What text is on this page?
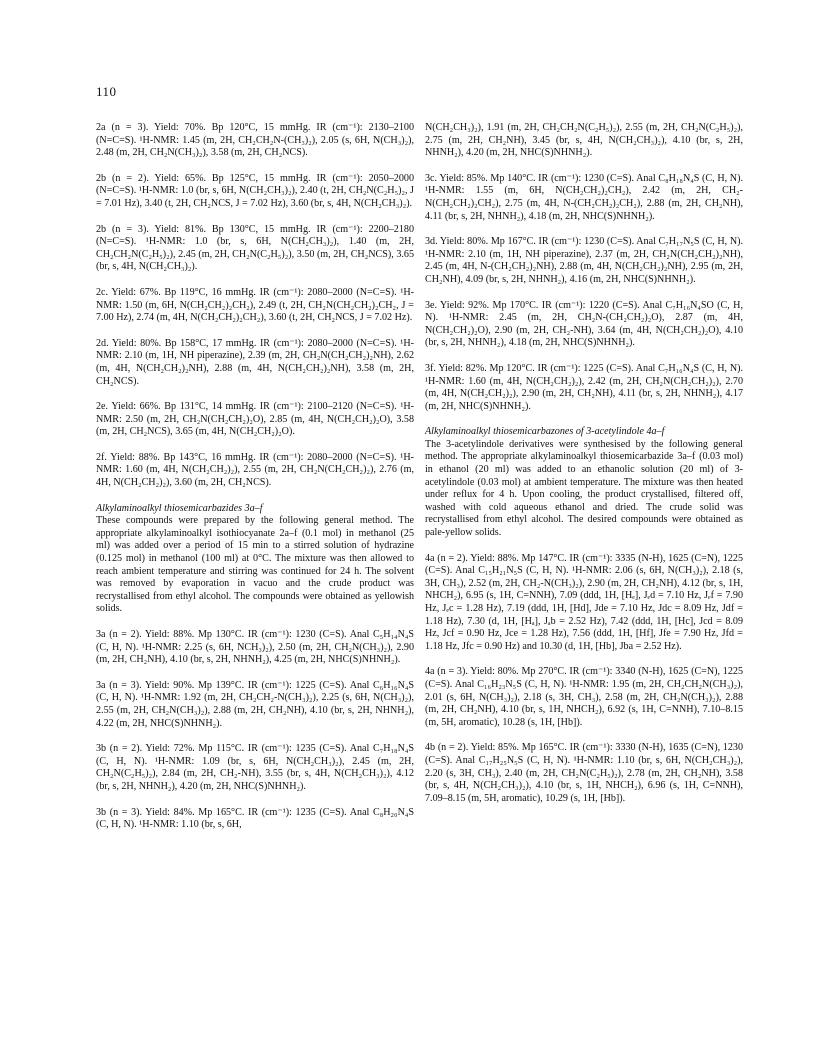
110

2a (n = 3). Yield: 70%. Bp 120°C, 15 mmHg. IR (cm⁻¹): 2130–2100 (N=C=S). ¹H-NMR: 1.45 (m, 2H, CH₂CH₂N-(CH₃)₂), 2.05 (s, 6H, N(CH₃)₂), 2.48 (m, 2H, CH₂N(CH₃)₂), 3.58 (m, 2H, CH₂NCS).

2b (n = 2). Yield: 65%. Bp 125°C, 15 mmHg. IR (cm⁻¹): 2050–2000 (N=C=S). ¹H-NMR: 1.0 (br, s, 6H, N(CH₂CH₃)₂), 2.40 (t, 2H, CH₂N(C₂H₅)₂, J = 7.01 Hz), 3.40 (t, 2H, CH₂NCS, J = 7.02 Hz), 3.60 (br, s, 4H, N(CH₂CH₃)₂).

2b (n = 3). Yield: 81%. Bp 130°C, 15 mmHg. IR (cm⁻¹): 2200–2180 (N=C=S). ¹H-NMR: 1.0 (br, s, 6H, N(CH₂CH₃)₂), 1.40 (m, 2H, CH₂CH₂N(C₂H₅)₂), 2.45 (m, 2H, CH₂N(C₂H₅)₂), 3.50 (m, 2H, CH₂NCS), 3.65 (br, s, 4H, N(CH₂CH₃)₂).

2c. Yield: 67%. Bp 119°C, 16 mmHg. IR (cm⁻¹): 2080–2000 (N=C=S). ¹H-NMR: 1.50 (m, 6H, N(CH₂CH₂)₂CH₂), 2.49 (t, 2H, CH₂N(CH₂CH₂)₂CH₂, J = 7.00 Hz), 2.74 (m, 4H, N(CH₂CH₂)₂CH₂), 3.60 (t, 2H, CH₂NCS, J = 7.02 Hz).

2d. Yield: 80%. Bp 158°C, 17 mmHg. IR (cm⁻¹): 2080–2000 (N=C=S). ¹H-NMR: 2.10 (m, 1H, NH piperazine), 2.39 (m, 2H, CH₂N(CH₂CH₂)₂NH), 2.62 (m, 4H, N(CH₂CH₂)₂NH), 2.88 (m, 4H, N(CH₂CH₂)₂NH), 3.58 (m, 2H, CH₂NCS).

2e. Yield: 66%. Bp 131°C, 14 mmHg. IR (cm⁻¹): 2100–2120 (N=C=S). ¹H-NMR: 2.50 (m, 2H, CH₂N(CH₂CH₂)₂O), 2.85 (m, 4H, N(CH₂CH₂)₂O), 3.58 (m, 2H, CH₂NCS), 3.65 (m, 4H, N(CH₂CH₂)₂O).

2f. Yield: 88%. Bp 143°C, 16 mmHg. IR (cm⁻¹): 2080–2000 (N=C=S). ¹H-NMR: 1.60 (m, 4H, N(CH₂CH₂)₂), 2.55 (m, 2H, CH₂N(CH₂CH₂)₂), 2.76 (m, 4H, N(CH₂CH₂)₂), 3.60 (m, 2H, CH₂NCS).

Alkylaminoalkyl thiosemicarbazides 3a–f

These compounds were prepared by the following general method. The appropriate alkylaminoalkyl isothiocyanate 2a–f (0.1 mol) in methanol (25 ml) was added over a period of 15 min to a stirred solution of hydrazine (0.125 mol) in methanol (100 ml) at 0°C. The mixture was then allowed to reach ambient temperature and stirring was continued for 24 h. The solvent was removed by evaporation in vacuo and the crude product was recrystallised from ethyl alcohol. The compounds were obtained as yellowish solids.

3a (n = 2). Yield: 88%. Mp 130°C. IR (cm⁻¹): 1230 (C=S). Anal C₅H₁₄N₄S (C, H, N). ¹H-NMR: 2.25 (s, 6H, NCH₃)₂), 2.50 (m, 2H, CH₂N(CH₃)₂), 2.90 (m, 2H, CH₂NH), 4.10 (br, s, 2H, NHNH₂), 4.25 (m, 2H, NHC(S)NHNH₂).

3a (n = 3). Yield: 90%. Mp 139°C. IR (cm⁻¹): 1225 (C=S). Anal C₆H₁₆N₄S (C, H, N). ¹H-NMR: 1.92 (m, 2H, CH₂CH₂-N(CH₃)₂), 2.25 (s, 6H, N(CH₃)₂), 2.55 (m, 2H, CH₂N(CH₃)₂), 2.88 (m, 2H, CH₂NH), 4.10 (br, s, 2H, NHNH₂), 4.22 (m, 2H, NHC(S)NHNH₂).

3b (n = 2). Yield: 72%. Mp 115°C. IR (cm⁻¹): 1235 (C=S). Anal C₇H₁₈N₄S (C, H, N). ¹H-NMR: 1.09 (br, s, 6H, N(CH₂CH₃)₂), 2.45 (m, 2H, CH₂N(C₂H₅)₂), 2.84 (m, 2H, CH₂-NH), 3.55 (br, s, 4H, N(CH₂CH₃)₂), 4.12 (br, s, 2H, NHNH₂), 4.20 (m, 2H, NHC(S)NHNH₂).

3b (n = 3). Yield: 84%. Mp 165°C. IR (cm⁻¹): 1235 (C=S). Anal C₈H₂₀N₄S (C, H, N). ¹H-NMR: 1.10 (br, s, 6H,

N(CH₂CH₃)₂), 1.91 (m, 2H, CH₂CH₂N(C₂H₅)₂), 2.55 (m, 2H, CH₂N(C₂H₅)₂), 2.75 (m, 2H, CH₂NH), 3.45 (br, s, 4H, N(CH₂CH₃)₂), 4.10 (br, s, 2H, NHNH₂), 4.20 (m, 2H, NHC(S)NHNH₂).

3c. Yield: 85%. Mp 140°C. IR (cm⁻¹): 1230 (C=S). Anal C₈H₁₈N₄S (C, H, N). ¹H-NMR: 1.55 (m, 6H, N(CH₂CH₂)₂CH₂), 2.42 (m, 2H, CH₂-N(CH₂CH₂)₂CH₂), 2.75 (m, 4H, N-(CH₂CH₂)₂CH₂), 2.88 (m, 2H, CH₂NH), 4.11 (br, s, 2H, NHNH₂), 4.18 (m, 2H, NHC(S)NHNH₂).

3d. Yield: 80%. Mp 167°C. IR (cm⁻¹): 1230 (C=S). Anal C₇H₁₇N₅S (C, H, N). ¹H-NMR: 2.10 (m, 1H, NH piperazine), 2.37 (m, 2H, CH₂N(CH₂CH₂)₂NH), 2.45 (m, 4H, N-(CH₂CH₂)₂NH), 2.88 (m, 4H, N(CH₂CH₂)₂NH), 2.95 (m, 2H, CH₂NH), 4.09 (br, s, 2H, NHNH₂), 4.16 (m, 2H, NHC(S)NHNH₂).

3e. Yield: 92%. Mp 170°C. IR (cm⁻¹): 1220 (C=S). Anal C₇H₁₆N₄SO (C, H, N). ¹H-NMR: 2.45 (m, 2H, CH₂N-(CH₂CH₂)₂O), 2.87 (m, 4H, N(CH₂CH₂)₂O), 2.90 (m, 2H, CH₂-NH), 3.64 (m, 4H, N(CH₂CH₂)₂O), 4.10 (br, s, 2H, NHNH₂), 4.18 (m, 2H, NHC(S)NHNH₂).

3f. Yield: 82%. Mp 120°C. IR (cm⁻¹): 1225 (C=S). Anal C₇H₁₆N₄S (C, H, N). ¹H-NMR: 1.60 (m, 4H, N(CH₂CH₂)₂), 2.42 (m, 2H, CH₂N(CH₂CH₂)₂), 2.70 (m, 4H, N(CH₂CH₂)₂), 2.90 (m, 2H, CH₂NH), 4.11 (br, s, 2H, NHNH₂), 4.17 (m, 2H, NHC(S)NHNH₂).

Alkylaminoalkyl thiosemicarbazones of 3-acetylindole 4a–f

The 3-acetylindole derivatives were synthesised by the following general method. The appropriate alkylaminoalkyl thiosemicarbazide 3a–f (0.03 mol) in ethanol (20 ml) was added to an ethanolic solution (20 ml) of 3-acetylindole (0.03 mol) at ambient temperature. The mixture was then heated under reflux for 4 h. Upon cooling, the product crystallised, filtered off, washed with cold aqueous ethanol and dried. The crude solid was recrystallised from ethyl alcohol. The desired compounds were obtained as pale-yellow solids.

4a (n = 2). Yield: 88%. Mp 147°C. IR (cm⁻¹): 3335 (N-H), 1625 (C=N), 1225 (C=S). Anal C₁₅H₂₁N₅S (C, H, N). ¹H-NMR: 2.06 (s, 6H, N(CH₃)₂), 2.18 (s, 3H, CH₃), 2.52 (m, 2H, CH₂-N(CH₃)₂), 2.90 (m, 2H, CH₂NH), 4.12 (br, s, 1H, NHCH₂), 6.95 (s, 1H, C=NNH), 7.09 (ddd, 1H, [Hₑ], Jₑd = 7.10 Hz, Jₑf = 7.90 Hz, Jₑc = 1.28 Hz), 7.19 (ddd, 1H, [Hd], Jde = 7.10 Hz, Jdc = 8.09 Hz, Jdf = 1.18 Hz), 7.30 (d, 1H, [Hₐ], Jₐb = 2.52 Hz), 7.42 (ddd, 1H, [Hc], Jcd = 8.09 Hz, Jcf = 0.90 Hz, Jce = 1.28 Hz), 7.56 (ddd, 1H, [Hf], Jfe = 7.90 Hz, Jfd = 1.18 Hz, Jfc = 0.90 Hz) and 10.30 (d, 1H, [Hb], Jba = 2.52 Hz).

4a (n = 3). Yield: 80%. Mp 270°C. IR (cm⁻¹): 3340 (N-H), 1625 (C=N), 1225 (C=S). Anal C₁₆H₂₃N₅S (C, H, N). ¹H-NMR: 1.95 (m, 2H, CH₂CH₂N(CH₃)₂), 2.01 (s, 6H, N(CH₃)₂), 2.18 (s, 3H, CH₃), 2.58 (m, 2H, CH₂N(CH₃)₂), 2.88 (m, 2H, CH₂NH), 4.10 (br, s, 1H, NHCH₂), 6.92 (s, 1H, C=NNH), 7.10–8.15 (m, 5H, aromatic), 10.28 (s, 1H, [Hb]).

4b (n = 2). Yield: 85%. Mp 165°C. IR (cm⁻¹): 3330 (N-H), 1635 (C=N), 1230 (C=S). Anal C₁₇H₂₅N₅S (C, H, N). ¹H-NMR: 1.10 (br, s, 6H, N(CH₂CH₃)₂), 2.20 (s, 3H, CH₃), 2.40 (m, 2H, CH₂N(C₂H₅)₂), 2.78 (m, 2H, CH₂NH), 3.58 (br, s, 4H, N(CH₂CH₃)₂), 4.10 (br, s, 1H, NHCH₂), 6.96 (s, 1H, C=NNH), 7.09–8.15 (m, 5H, aromatic), 10.29 (s, 1H, [Hb]).
